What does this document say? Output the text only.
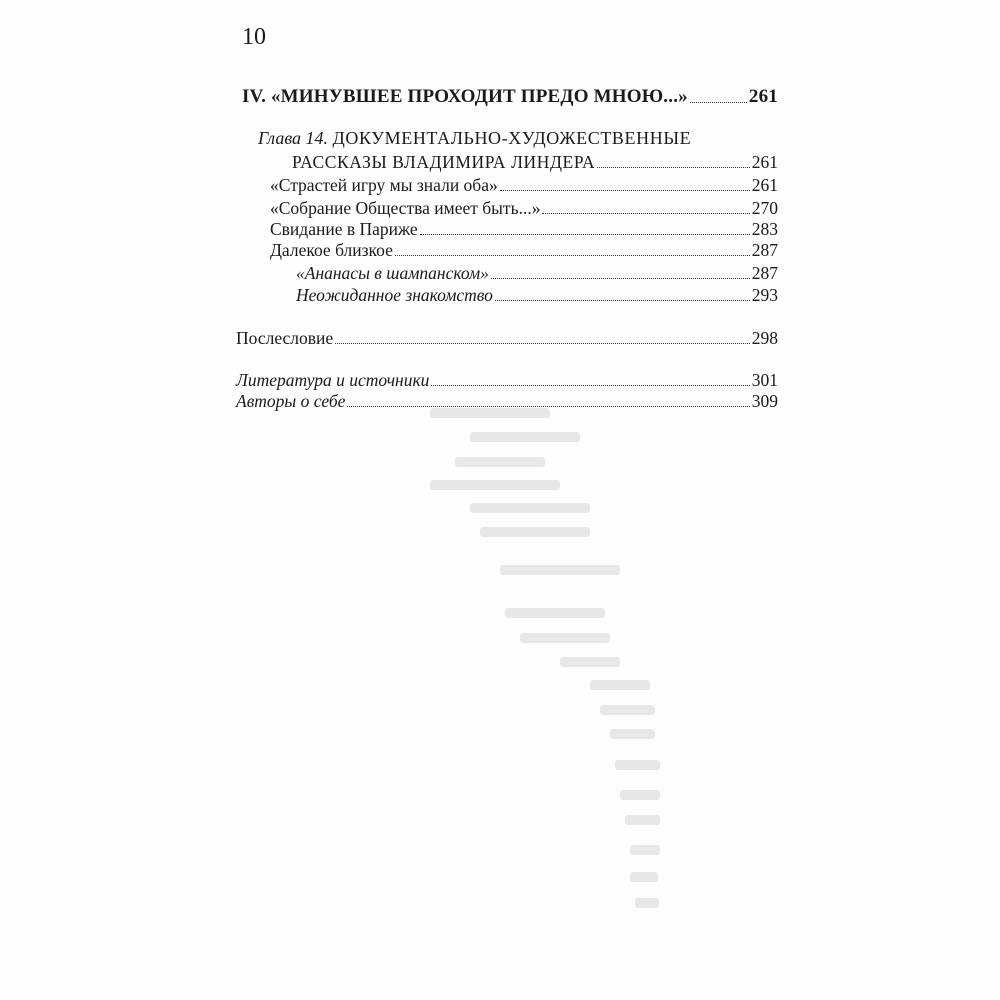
10
IV. «МИНУВШЕЕ ПРОХОДИТ ПРЕДО МНОЮ...»	261
Глава 14. ДОКУМЕНТАЛЬНО-ХУДОЖЕСТВЕННЫЕ
РАССКАЗЫ ВЛАДИМИРА ЛИНДЕРА	261
«Страстей игру мы знали оба»	261
«Собрание Общества имеет быть...»	270
Свидание в Париже	283
Далекое близкое	287
«Ананасы в шампанском»	287
Неожиданное знакомство	293
Послесловие	298
Литература и источники	301
Авторы о себе	309
